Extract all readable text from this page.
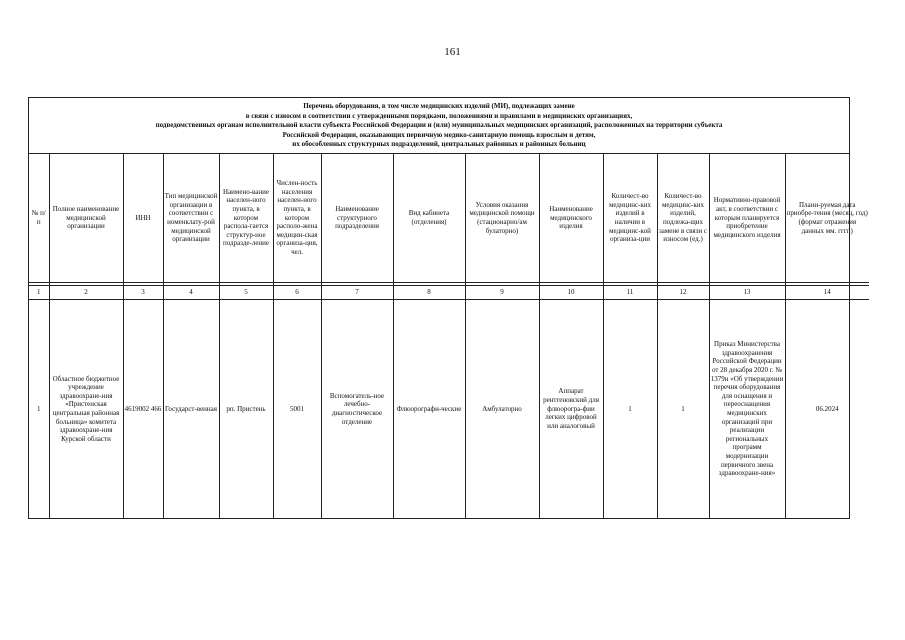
161
Перечень оборудования, в том числе медицинских изделий (МИ), подлежащих замене
в связи с износом в соответствии с утвержденными порядками, положениями и правилами в медицинских организациях,
подведомственных органам исполнительной власти субъекта Российской Федерации и (или) муниципальных медицинских организаций, расположенных на территории субъекта
Российской Федерации, оказывающих первичную медико-санитарную помощь взрослым и детям,
их обособленных структурных подразделений, центральных районных и районных больниц
№ п/п	Полное наименование медицинской организации	ИНН	Тип медицинской организации в соответствии с номенклату-рой медицинской организации	Наимено-вание населен-ного пункта, в котором распола-гается структур-ное подразде-ление	Числен-ность населения населен-ного пункта, в котором располо-жена медицин-ская организа-ция, чел.	Наименование структурного подразделения	Вид кабинета (отделения)	Условия оказания медицинской помощи (стационарно/ам булаторно)	Наименование медицинского изделия	Количест-во медицинс-ких изделий в наличии в медицинс-кой организа-ции	Количест-во медицинс-ких изделий, подлежа-щих замене в связи с износом (ед.)	Нормативно-правовой акт, в соответствии с которым планируется приобретение медицинского изделия	Плани-руемая дата приобре-тения (месяц, год) (формат отражения данных мм. гггг.)

1	2	3	4	5	6	7	8	9	10	11	12	13	14
1	Областное бюджетное учреждение здравоохране-ния «Пристенская центральная районная больница» комитета здравоохране-ния Курской области	4619002 466	Государст-венная	рп. Пристень	5001	Вспомогатель-ное лечебно-диагностическое отделение	Флюорографи-ческие	Амбулаторно	Аппарат рентгеновский для флюорогра-фии легких цифровой или аналоговый	1	1	Приказ Министерства здравоохранения Российской Федерации от 28 декабря 2020 г. № 1379н «Об утверждении перечня оборудования для оснащения и переоснащения медицинских организаций при реализации региональных программ модернизации первичного звена здравоохране-ния»	06.2024
